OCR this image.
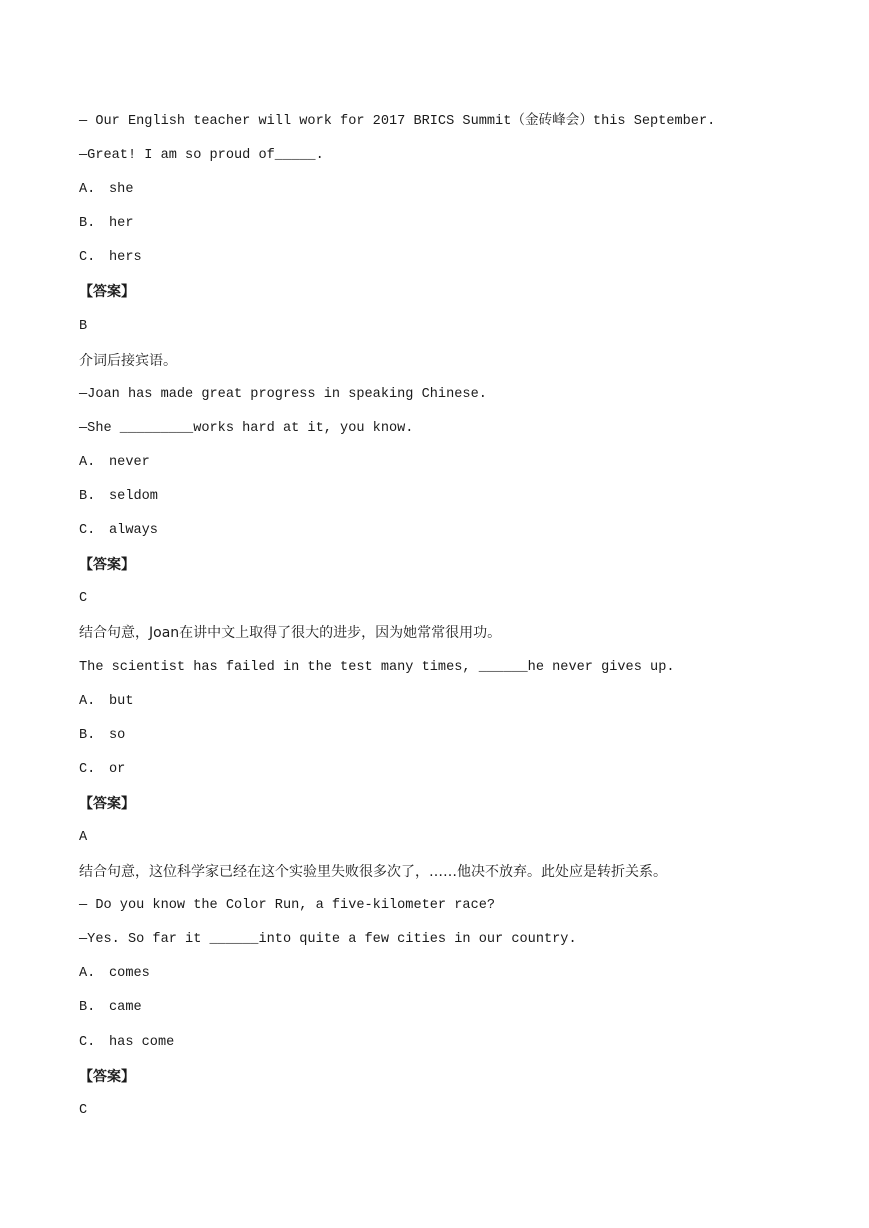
— Our English teacher will work for 2017 BRICS Summit（金砖峰会）this September.
—Great! I am so proud of_____.
A. she
B. her
C. hers
【答案】
B
介词后接宾语。
—Joan has made great progress in speaking Chinese.
—She _________works hard at it, you know.
A. never
B. seldom
C. always
【答案】
C
结合句意，Joan在讲中文上取得了很大的进步，因为她常常很用功。
The scientist has failed in the test many times, ______he never gives up.
A. but
B. so
C. or
【答案】
A
结合句意，这位科学家已经在这个实验里失败很多次了，……他决不放弃。此处应是转折关系。
— Do you know the Color Run, a five-kilometer race?
—Yes. So far it ______into quite a few cities in our country.
A. comes
B. came
C. has come
【答案】
C
